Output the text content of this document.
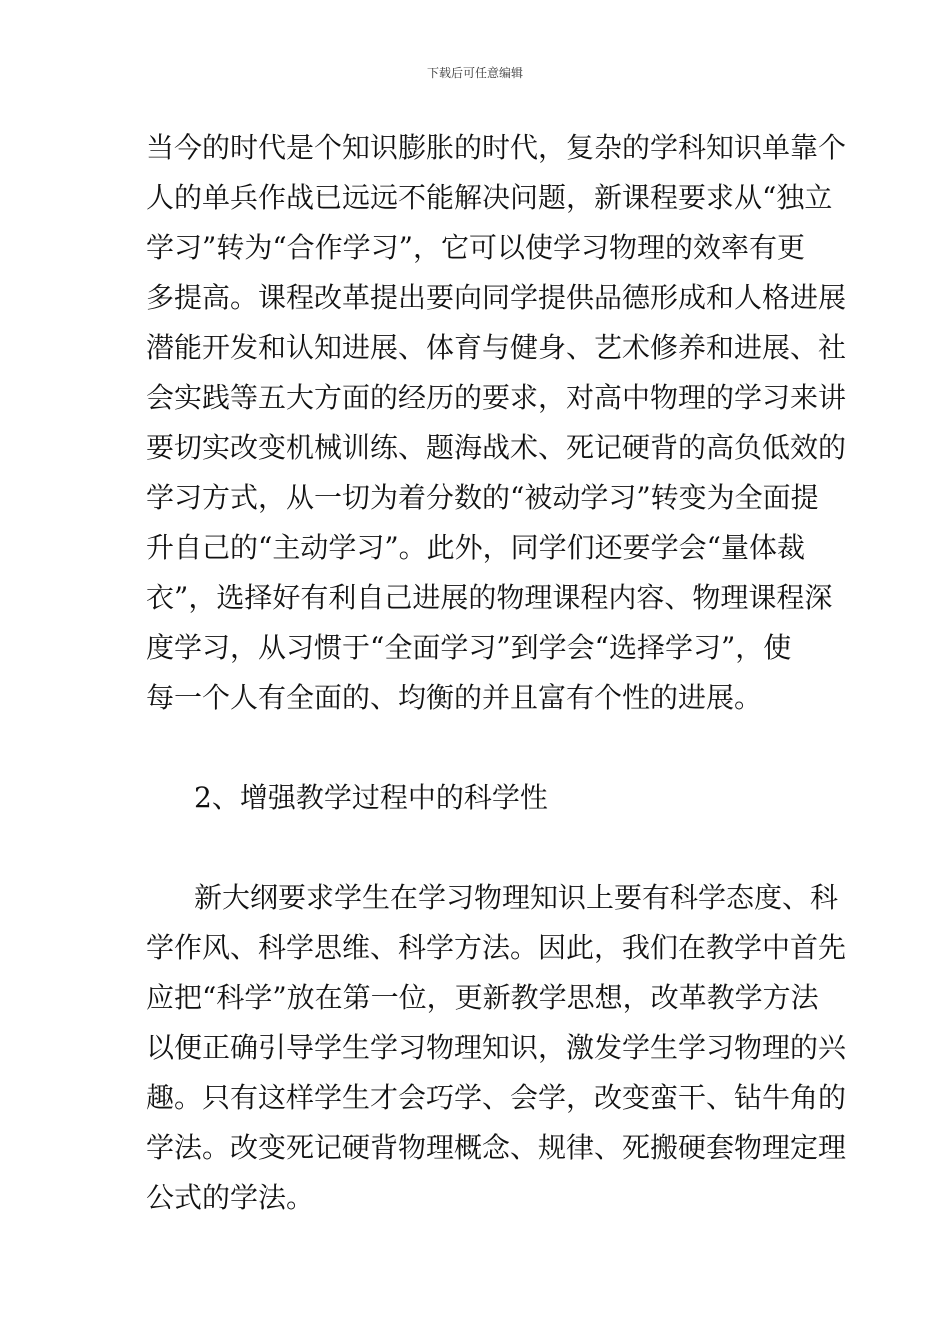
下载后可任意编辑
当今的时代是个知识膨胀的时代，复杂的学科知识单靠个
人的单兵作战已远远不能解决问题，新课程要求从“独立
学习”转为“合作学习”，它可以使学习物理的效率有更
多提高。课程改革提出要向同学提供品德形成和人格进展
潜能开发和认知进展、体育与健身、艺术修养和进展、社
会实践等五大方面的经历的要求，对高中物理的学习来讲
要切实改变机械训练、题海战术、死记硬背的高负低效的
学习方式，从一切为着分数的“被动学习”转变为全面提
升自己的“主动学习”。此外，同学们还要学会“量体裁
衣”，选择好有利自己进展的物理课程内容、物理课程深
度学习，从习惯于“全面学习”到学会“选择学习”，使
每一个人有全面的、均衡的并且富有个性的进展。
2、增强教学过程中的科学性
新大纲要求学生在学习物理知识上要有科学态度、科
学作风、科学思维、科学方法。因此，我们在教学中首先
应把“科学”放在第一位，更新教学思想，改革教学方法
以便正确引导学生学习物理知识，激发学生学习物理的兴
趣。只有这样学生才会巧学、会学，改变蛮干、钻牛角的
学法。改变死记硬背物理概念、规律、死搬硬套物理定理
公式的学法。
